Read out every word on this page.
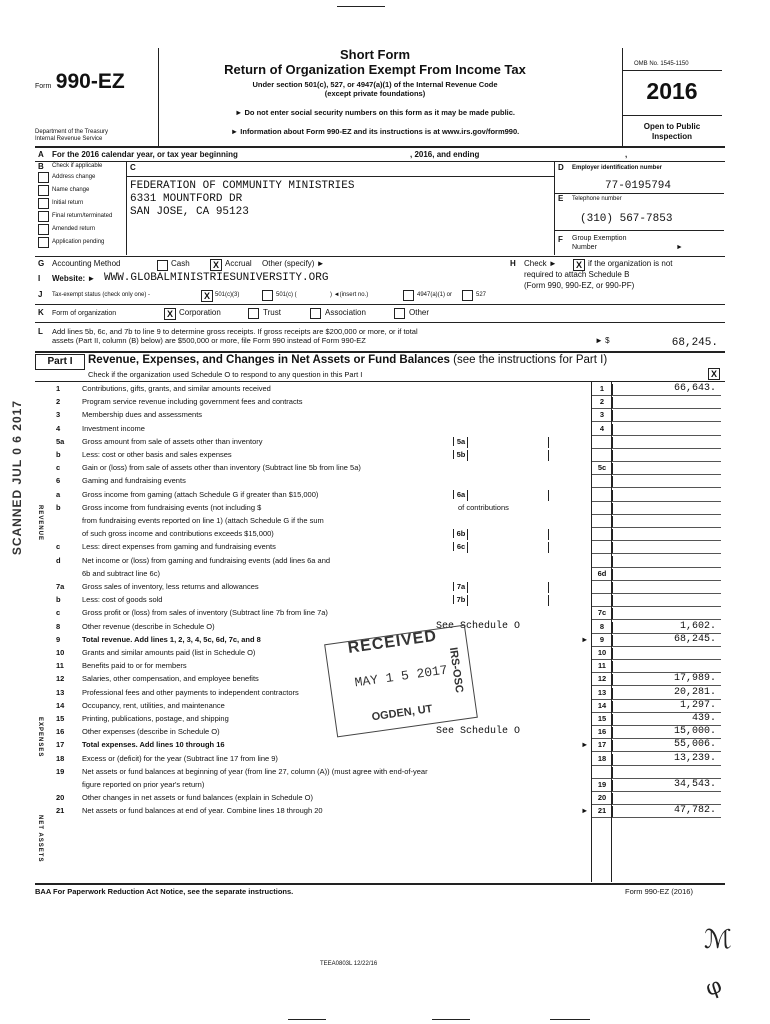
Form 990-EZ
Department of the Treasury
Internal Revenue Service
Short Form
Return of Organization Exempt From Income Tax
Under section 501(c), 527, or 4947(a)(1) of the Internal Revenue Code
(except private foundations)
► Do not enter social security numbers on this form as it may be made public.
► Information about Form 990-EZ and its instructions is at www.irs.gov/form990.
OMB No. 1545-1150
2016
Open to Public
Inspection
A For the 2016 calendar year, or tax year beginning	, 2016, and ending	,
B Check if applicable
Address change
Name change
Initial return
Final return/terminated
Amended return
Application pending
C
FEDERATION OF COMMUNITY MINISTRIES
6331 MOUNTFORD DR
SAN JOSE, CA 95123
D Employer identification number
77-0195794
E Telephone number
(310) 567-7853
F Group Exemption
Number	►
G Accounting Method	Cash	X Accrual Other (specify) ►	H Check ►	X if the organization is not
required to attach Schedule B
(Form 990, 990-EZ, or 990-PF)
I Website: ► WWW.GLOBALMINISTRIESUNIVERSITY.ORG
J Tax-exempt status (check only one) -	X 501(c)(3)	501(c) (	) ◄(insert no.)	4947(a)(1) or	527
K Form of organization	X Corporation	Trust	Association	Other
L Add lines 5b, 6c, and 7b to line 9 to determine gross receipts. If gross receipts are $200,000 or more, or if total
assets (Part II, column (B) below) are $500,000 or more, file Form 990 instead of Form 990-EZ	► $	68,245.
Part I	Revenue, Expenses, and Changes in Net Assets or Fund Balances (see the instructions for Part I)
Check if the organization used Schedule O to respond to any question in this Part I	X
1	Contributions, gifts, grants, and similar amounts received	1	66,643.
2	Program service revenue including government fees and contracts	2
3	Membership dues and assessments	3
4	Investment income	4
5a Gross amount from sale of assets other than inventory	5a
b	Less: cost or other basis and sales expenses	5b
c	Gain or (loss) from sale of assets other than inventory (Subtract line 5b from line 5a)	5c
6	Gaming and fundraising events
a	Gross income from gaming (attach Schedule G if greater than $15,000)	6a
b	Gross income from fundraising events (not including $	of contributions
from fundraising events reported on line 1) (attach Schedule G if the sum
of such gross income and contributions exceeds $15,000)	6b
c	Less: direct expenses from gaming and fundraising events	6c
d	Net income or (loss) from gaming and fundraising events (add lines 6a and
6b and subtract line 6c)	6d
7a Gross sales of inventory, less returns and allowances	7a
b	Less: cost of goods sold	7b
c	Gross profit or (loss) from sales of inventory (Subtract line 7b from line 7a)	7c
8	Other revenue (describe in Schedule O)	See Schedule O	8	1,602.
9	Total revenue. Add lines 1, 2, 3, 4, 5c, 6d, 7c, and 8	►	9	68,245.
10 Grants and similar amounts paid (list in Schedule O)	10
11 Benefits paid to or for members	11
12 Salaries, other compensation, and employee benefits	12	17,989.
13 Professional fees and other payments to independent contractors	13	20,281.
14 Occupancy, rent, utilities, and maintenance	14	1,297.
15 Printing, publications, postage, and shipping	15	439.
16 Other expenses (describe in Schedule O)	See Schedule O	16	15,000.
17 Total expenses. Add lines 10 through 16	►	17	55,006.
18 Excess or (deficit) for the year (Subtract line 17 from line 9)	18	13,239.
19 Net assets or fund balances at beginning of year (from line 27, column (A)) (must agree with end-of-year
figure reported on prior year's return)	19	34,543.
20 Other changes in net assets or fund balances (explain in Schedule O)	20
21 Net assets or fund balances at end of year. Combine lines 18 through 20	►	21	47,782.
REVENUE
EXPENSES
NET ASSETS
BAA For Paperwork Reduction Act Notice, see the separate instructions.	Form 990-EZ (2016)
TEEA0803L 12/22/16
ℳ
φ
RECEIVED
MAY 1 5 2017
IRS-OSC
OGDEN, UT
SCANNED JUL 0 6 2017
